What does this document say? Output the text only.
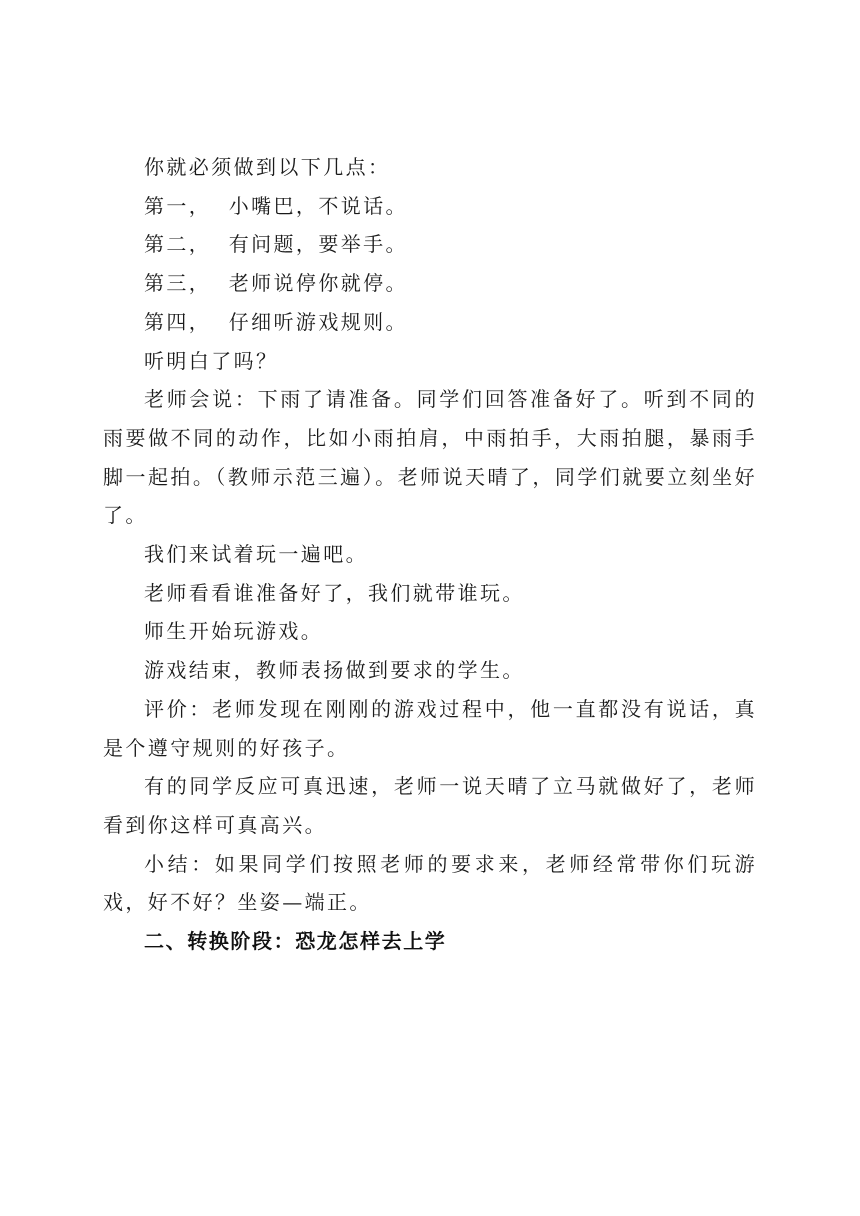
你就必须做到以下几点：

第一，  小嘴巴，不说话。

第二，  有问题，要举手。

第三，  老师说停你就停。

第四，  仔细听游戏规则。

听明白了吗？

老师会说：下雨了请准备。同学们回答准备好了。听到不同的雨要做不同的动作，比如小雨拍肩，中雨拍手，大雨拍腿，暴雨手脚一起拍。（教师示范三遍）。老师说天晴了，同学们就要立刻坐好了。

我们来试着玩一遍吧。

老师看看谁准备好了，我们就带谁玩。

师生开始玩游戏。

游戏结束，教师表扬做到要求的学生。

评价：老师发现在刚刚的游戏过程中，他一直都没有说话，真是个遵守规则的好孩子。

有的同学反应可真迅速，老师一说天晴了立马就做好了，老师看到你这样可真高兴。

小结：如果同学们按照老师的要求来，老师经常带你们玩游戏，好不好？坐姿—端正。

二、转换阶段：恐龙怎样去上学
